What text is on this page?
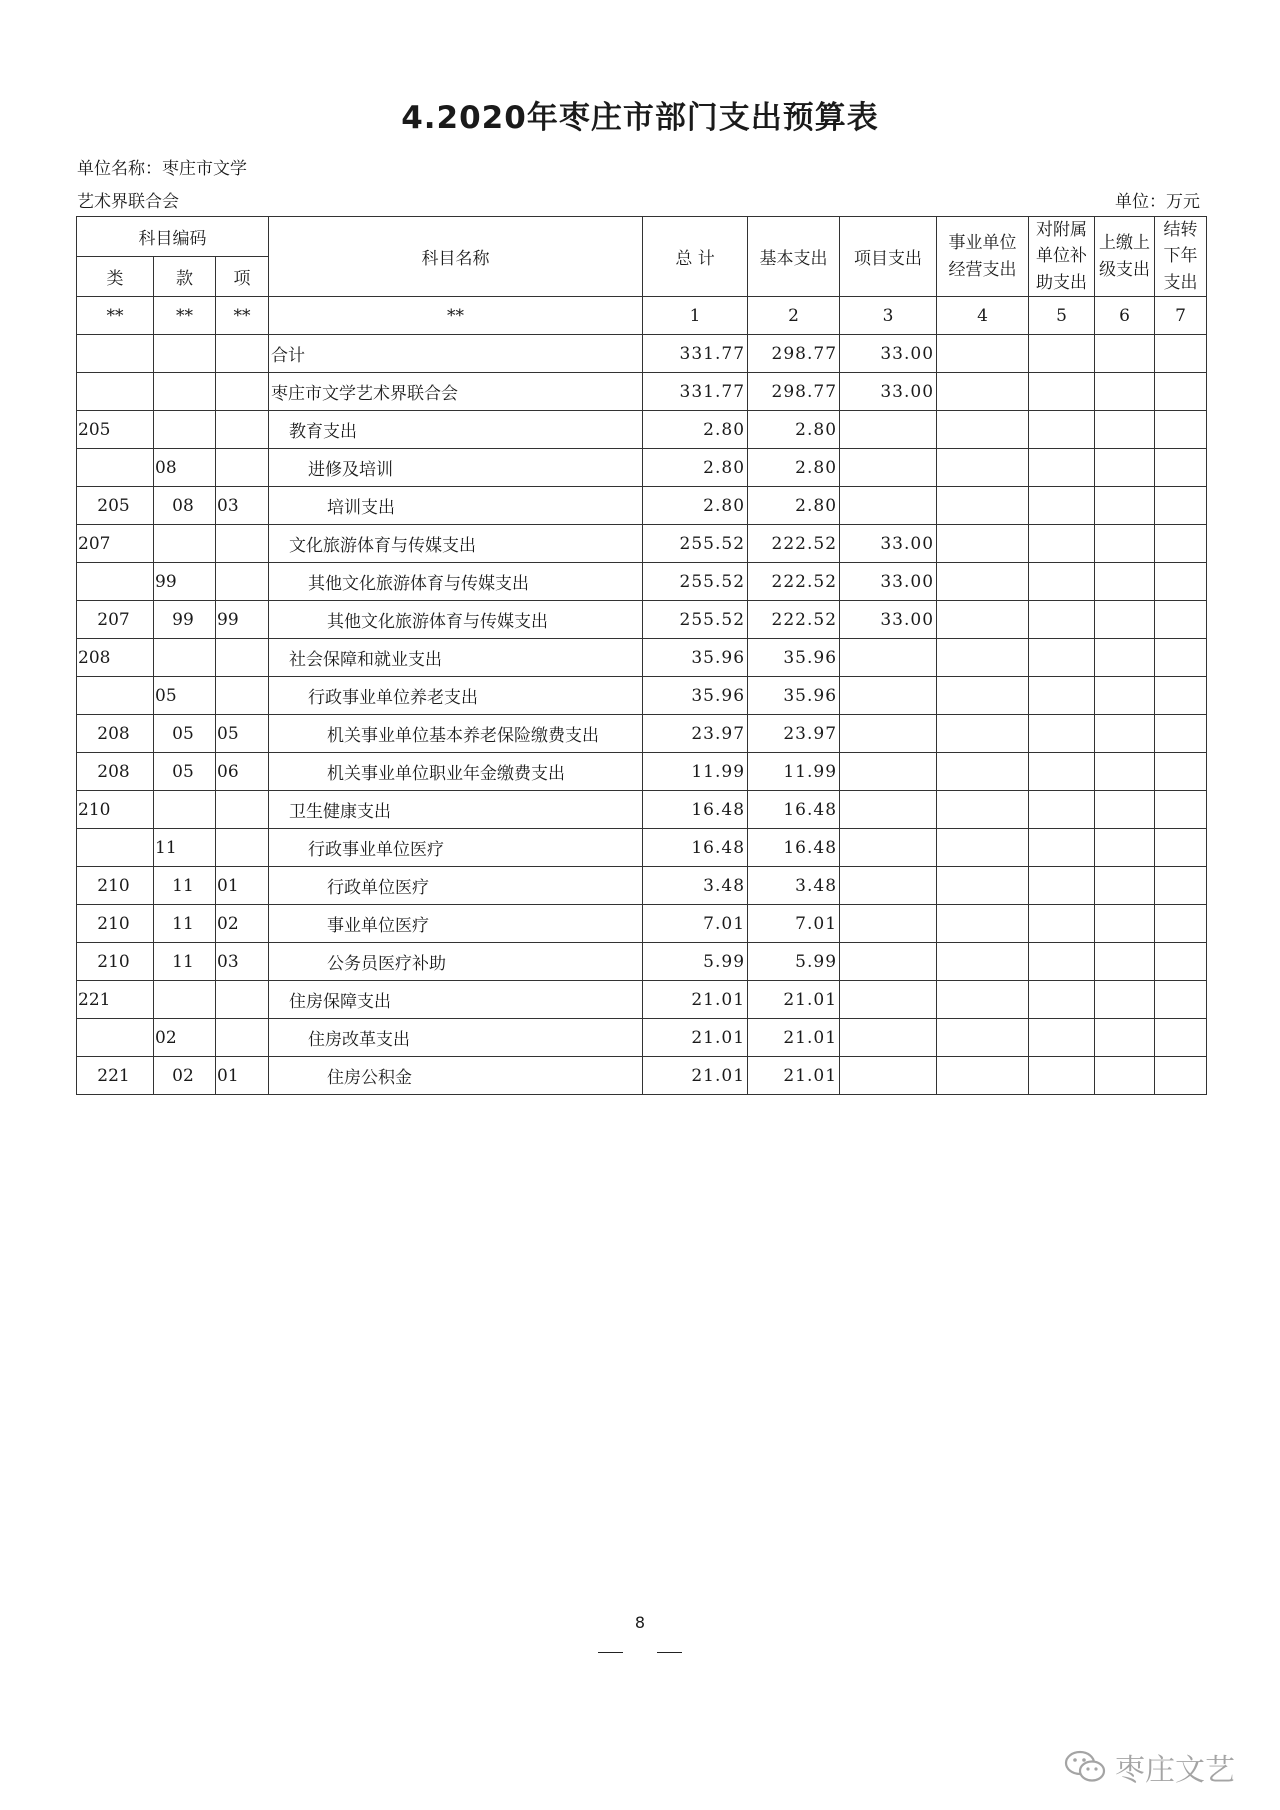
4.2020年枣庄市部门支出预算表
单位名称：枣庄市文学
艺术界联合会	单位：万元
科目编码			科目名称	总 计	基本支出	项目支出	事业单位经营支出	对附属单位补助支出	上缴上级支出	结转下年支出
类	款	项								
**	**	**	**	1	2	3	4	5	6	7
			合计	331.77	298.77	33.00				
			枣庄市文学艺术界联合会	331.77	298.77	33.00				
205			教育支出	2.80	2.80					
	08		进修及培训	2.80	2.80					
205	08	03	培训支出	2.80	2.80					
207			文化旅游体育与传媒支出	255.52	222.52	33.00				
	99		其他文化旅游体育与传媒支出	255.52	222.52	33.00				
207	99	99	其他文化旅游体育与传媒支出	255.52	222.52	33.00				
208			社会保障和就业支出	35.96	35.96					
	05		行政事业单位养老支出	35.96	35.96					
208	05	05	机关事业单位基本养老保险缴费支出	23.97	23.97					
208	05	06	机关事业单位职业年金缴费支出	11.99	11.99					
210			卫生健康支出	16.48	16.48					
	11		行政事业单位医疗	16.48	16.48					
210	11	01	行政单位医疗	3.48	3.48					
210	11	02	事业单位医疗	7.01	7.01					
210	11	03	公务员医疗补助	5.99	5.99					
221			住房保障支出	21.01	21.01					
	02		住房改革支出	21.01	21.01					
221	02	01	住房公积金	21.01	21.01					
8
枣庄文艺
